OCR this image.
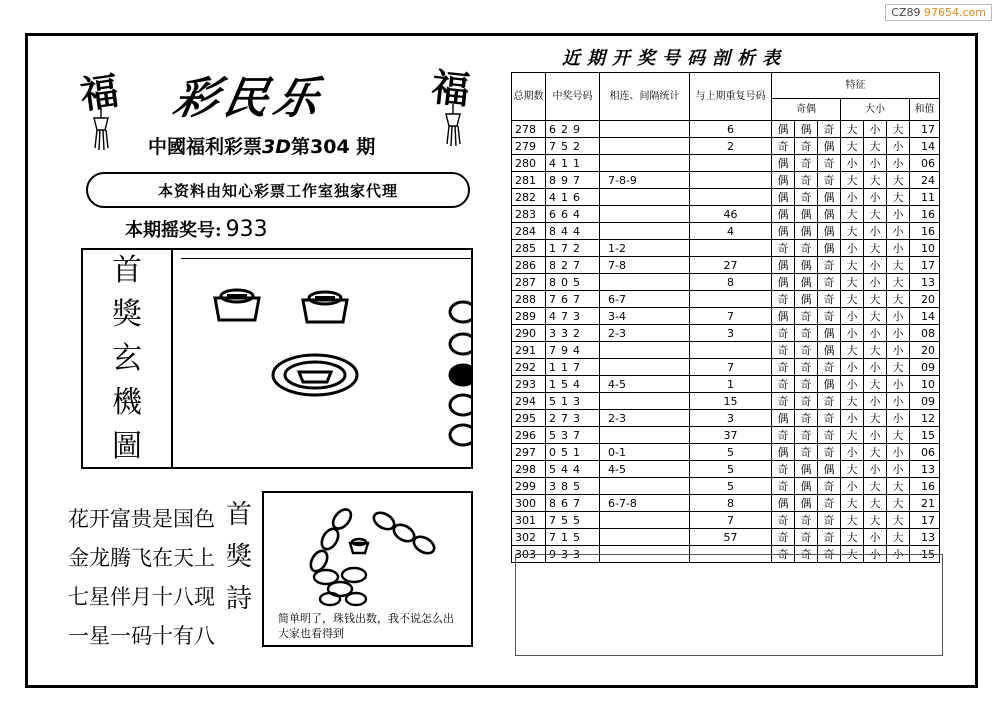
CZ89 97654.com
福	福
彩民乐
中國福利彩票3D第304 期
本资料由知心彩票工作室独家代理
本期摇奖号: 933
首
獎
玄
機
圖
花开富贵是国色
金龙腾飞在天上
七星伴月十八现
一星一码十有八
首
獎
詩
简单明了，珠钱出数，我不说怎么出大家也看得到
近期开奖号码剖析表
总期数	中奖号码	相连、间隔统计	与上期重复号码	特征						
				奇偶			大小			和值
278	629		6	偶	偶	奇	大	小	大	17
279	752		2	奇	奇	偶	大	大	小	14
280	411			偶	奇	奇	小	小	小	06
281	897	7-8-9		偶	奇	奇	大	大	大	24
282	416			偶	奇	偶	小	小	大	11
283	664		46	偶	偶	偶	大	大	小	16
284	844		4	偶	偶	偶	大	小	小	16
285	172	1-2		奇	奇	偶	小	大	小	10
286	827	7-8	27	偶	偶	奇	大	小	大	17
287	805		8	偶	偶	奇	大	小	大	13
288	767	6-7		奇	偶	奇	大	大	大	20
289	473	3-4	7	偶	奇	奇	小	大	小	14
290	332	2-3	3	奇	奇	偶	小	小	小	08
291	794			奇	奇	偶	大	大	小	20
292	117		7	奇	奇	奇	小	小	大	09
293	154	4-5	1	奇	奇	偶	小	大	小	10
294	513		15	奇	奇	奇	大	小	小	09
295	273	2-3	3	偶	奇	奇	小	大	小	12
296	537		37	奇	奇	奇	大	小	大	15
297	051	0-1	5	偶	奇	奇	小	大	小	06
298	544	4-5	5	奇	偶	偶	大	小	小	13
299	385		5	奇	偶	奇	小	大	大	16
300	867	6-7-8	8	偶	偶	奇	大	大	大	21
301	755		7	奇	奇	奇	大	大	大	17
302	715		57	奇	奇	奇	大	小	大	13
303	933			奇	奇	奇	大	小	小	15
